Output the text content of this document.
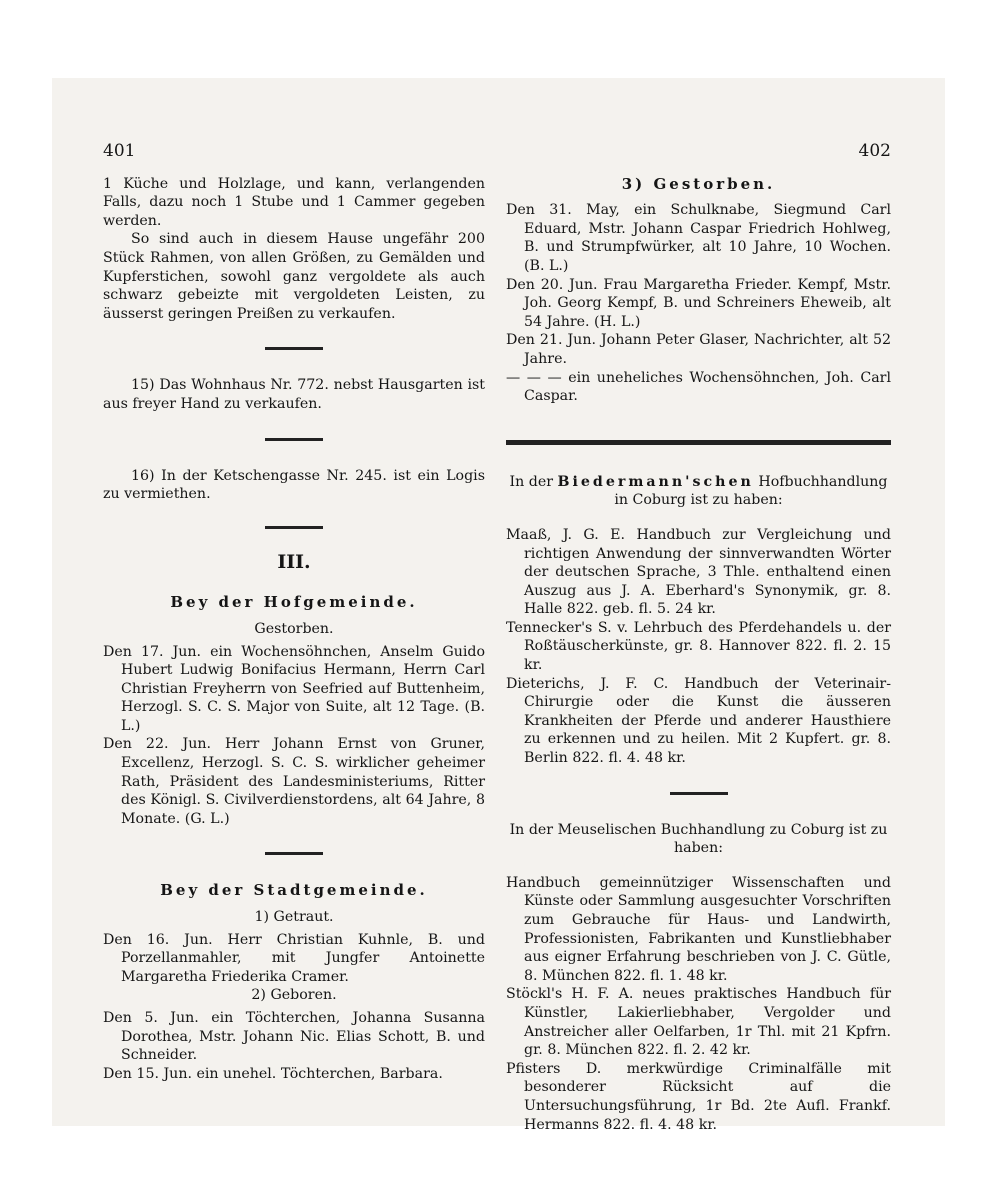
401

1 Küche und Holzlage, und kann, verlangenden Falls, dazu noch 1 Stube und 1 Cammer gegeben werden.

So sind auch in diesem Hause ungefähr 200 Stück Rahmen, von allen Größen, zu Gemälden und Kupferstichen, sowohl ganz vergoldete als auch schwarz gebeizte mit vergoldeten Leisten, zu äusserst geringen Preißen zu verkaufen.

15) Das Wohnhaus Nr. 772. nebst Hausgarten ist aus freyer Hand zu verkaufen.

16) In der Ketschengasse Nr. 245. ist ein Logis zu vermiethen.

III.
Bey der Hofgemeinde.
Gestorben.

Den 17. Jun. ein Wochensöhnchen, Anselm Guido Hubert Ludwig Bonifacius Hermann, Herrn Carl Christian Freyherrn von Seefried auf Buttenheim, Herzogl. S. C. S. Major von Suite, alt 12 Tage. (B. L.)

Den 22. Jun. Herr Johann Ernst von Gruner, Excellenz, Herzogl. S. C. S. wirklicher geheimer Rath, Präsident des Landesministeriums, Ritter des Königl. S. Civilverdienstordens, alt 64 Jahre, 8 Monate. (G. L.)

Bey der Stadtgemeinde.
1) Getraut.

Den 16. Jun. Herr Christian Kuhnle, B. und Porzellanmahler, mit Jungfer Antoinette Margaretha Friederika Cramer.

2) Geboren.

Den 5. Jun. ein Töchterchen, Johanna Susanna Dorothea, Mstr. Johann Nic. Elias Schott, B. und Schneider.

Den 15. Jun. ein unehel. Töchterchen, Barbara.

402
3) Gestorben.

Den 31. May, ein Schulknabe, Siegmund Carl Eduard, Mstr. Johann Caspar Friedrich Hohlweg, B. und Strumpfwürker, alt 10 Jahre, 10 Wochen. (B. L.)

Den 20. Jun. Frau Margaretha Frieder. Kempf, Mstr. Joh. Georg Kempf, B. und Schreiners Eheweib, alt 54 Jahre. (H. L.)

Den 21. Jun. Johann Peter Glaser, Nachrichter, alt 52 Jahre.

— — — ein uneheliches Wochensöhnchen, Joh. Carl Caspar.

In der Biedermann'schen Hofbuchhandlung in Coburg ist zu haben:

Maaß, J. G. E. Handbuch zur Vergleichung und richtigen Anwendung der sinnverwandten Wörter der deutschen Sprache, 3 Thle. enthaltend einen Auszug aus J. A. Eberhard's Synonymik, gr. 8. Halle 822. geb. fl. 5. 24 kr.

Tennecker's S. v. Lehrbuch des Pferdehandels u. der Roßtäuscherkünste, gr. 8. Hannover 822. fl. 2. 15 kr.

Dieterichs, J. F. C. Handbuch der Veterinair-Chirurgie oder die Kunst die äusseren Krankheiten der Pferde und anderer Hausthiere zu erkennen und zu heilen. Mit 2 Kupfert. gr. 8. Berlin 822. fl. 4. 48 kr.

In der Meuselischen Buchhandlung zu Coburg ist zu haben:

Handbuch gemeinnütziger Wissenschaften und Künste oder Sammlung ausgesuchter Vorschriften zum Gebrauche für Haus- und Landwirth, Professionisten, Fabrikanten und Kunstliebhaber aus eigner Erfahrung beschrieben von J. C. Gütle, 8. München 822. fl. 1. 48 kr.

Stöckl's H. F. A. neues praktisches Handbuch für Künstler, Lakierliebhaber, Vergolder und Anstreicher aller Oelfarben, 1r Thl. mit 21 Kpfrn. gr. 8. München 822. fl. 2. 42 kr.

Pfisters D. merkwürdige Criminalfälle mit besonderer Rücksicht auf die Untersuchungsführung, 1r Bd. 2te Aufl. Frankf. Hermanns 822. fl. 4. 48 kr.
